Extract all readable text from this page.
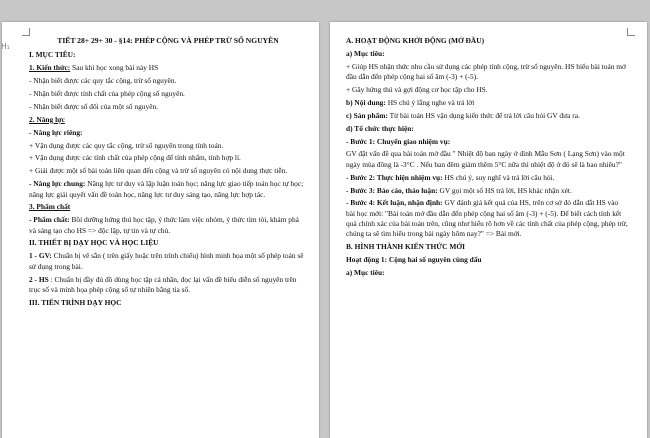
H₁

TIẾT 28+ 29+ 30 - §14: PHÉP CỘNG VÀ PHÉP TRỪ SỐ NGUYÊN

I. MỤC TIÊU:

1. Kiến thức: Sau khi học xong bài này HS

- Nhận biết được các quy tắc cộng, trừ số nguyên.

- Nhận biết được tính chất của phép cộng số nguyên.

- Nhận biết được số đối của một số nguyên.

2. Năng lực

- Năng lực riêng:

+ Vận dụng được các quy tắc cộng, trừ số nguyên trong tính toán.

+ Vận dụng được các tính chất của phép cộng để tính nhẩm, tính hợp lí.

+ Giải được một số bài toán liên quan đến cộng và trừ số nguyên có nội dung thực tiễn.

- Năng lực chung: Năng lực tư duy và lập luận toán học; năng lực giao tiếp toán học tự học; năng lực giải quyết vấn đề toán học, năng lực tư duy sáng tạo, năng lực hợp tác.

3. Phẩm chất

- Phẩm chất: Bồi dưỡng hứng thú học tập, ý thức làm việc nhóm, ý thức tìm tòi, khám phá và sáng tạo cho HS => độc lập, tự tin và tự chủ.

II. THIẾT BỊ DẠY HỌC VÀ HỌC LIỆU

1 - GV: Chuẩn bị vẽ sẵn ( trên giấy hoặc trên trình chiếu) hình minh họa một số phép toán sẽ sử dụng trong bài.

2 - HS : Chuẩn bị đầy đủ đồ dùng học tập cá nhân, đọc lại vấn đề biểu diễn số nguyên trên trục số và minh họa phép cộng số tự nhiên bằng tia số.

III. TIẾN TRÌNH DẠY HỌC

A. HOẠT ĐỘNG KHỞI ĐỘNG (MỞ ĐẦU)

a) Mục tiêu:

+ Giúp HS nhận thức nhu cầu sử dụng các phép tính cộng, trừ số nguyên. HS hiểu bài toán mở đầu dẫn đến phép cộng hai số âm (-3) + (-5).

+ Gây hứng thú và gợi động cơ học tập cho HS.

b) Nội dung: HS chú ý lắng nghe và trả lời

c) Sản phẩm: Từ bài toán HS vận dụng kiến thức để trả lời câu hỏi GV đưa ra.

d) Tổ chức thực hiện:

- Bước 1: Chuyển giao nhiệm vụ:

GV đặt vấn đề qua bài toán mở đầu " Nhiệt độ ban ngày ở đỉnh Mẫu Sơn ( Lạng Sơn) vào một ngày mùa đông là -3°C . Nếu ban đêm giảm thêm 5°C nữa thì nhiệt độ ở đó sẽ là bao nhiêu?"

- Bước 2: Thực hiện nhiệm vụ: HS chú ý, suy nghĩ và trả lời câu hỏi.

- Bước 3: Báo cáo, thảo luận: GV gọi một số HS trả lời, HS khác nhận xét.

- Bước 4: Kết luận, nhận định: GV đánh giá kết quả của HS, trên cơ sở đó dẫn dắt HS vào bài học mới: "Bài toán mở đầu dẫn đến phép cộng hai số âm (-3) + (-5). Để biết cách tính kết quả chính xác của bài toán trên, cũng như hiểu rõ hơn về các tính chất của phép cộng, phép trừ, chúng ta sẽ tìm hiểu trong bài ngày hôm nay?" => Bài mới.

B. HÌNH THÀNH KIẾN THỨC MỚI

Hoạt động 1: Cộng hai số nguyên cùng dấu

a) Mục tiêu:
